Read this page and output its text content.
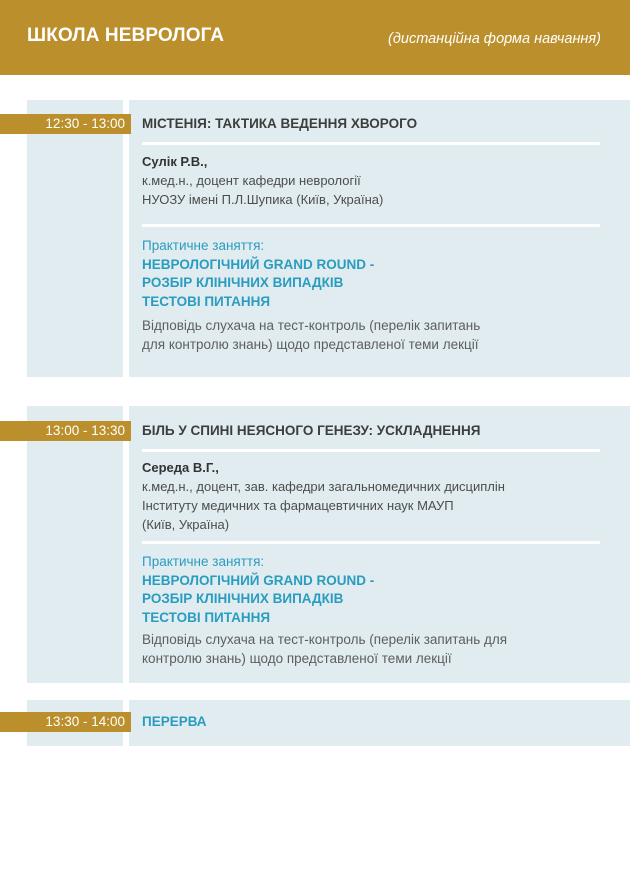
ШКОЛА НЕВРОЛОГА	(дистанційна форма навчання)
12:30 - 13:00	МІСТЕНІЯ: ТАКТИКА ВЕДЕННЯ ХВОРОГО
Сулік Р.В.,
к.мед.н., доцент кафедри неврології
НУОЗУ імені П.Л.Шупика (Київ, Україна)
Практичне заняття:
НЕВРОЛОГІЧНИЙ GRAND ROUND -
РОЗБІР КЛІНІЧНИХ ВИПАДКІВ
ТЕСТОВІ ПИТАННЯ
Відповідь слухача на тест-контроль (перелік запитань
для контролю знань) щодо представленої теми лекції
13:00 - 13:30	БІЛЬ У СПИНІ НЕЯСНОГО ГЕНЕЗУ: УСКЛАДНЕННЯ
Середа В.Г.,
к.мед.н., доцент, зав. кафедри загальномедичних дисциплін
Інституту медичних та фармацевтичних наук МАУП
(Київ, Україна)
Практичне заняття:
НЕВРОЛОГІЧНИЙ GRAND ROUND -
РОЗБІР КЛІНІЧНИХ ВИПАДКІВ
ТЕСТОВІ ПИТАННЯ
Відповідь слухача на тест-контроль (перелік запитань для
контролю знань) щодо представленої теми лекції
13:30 - 14:00	ПЕРЕРВА
